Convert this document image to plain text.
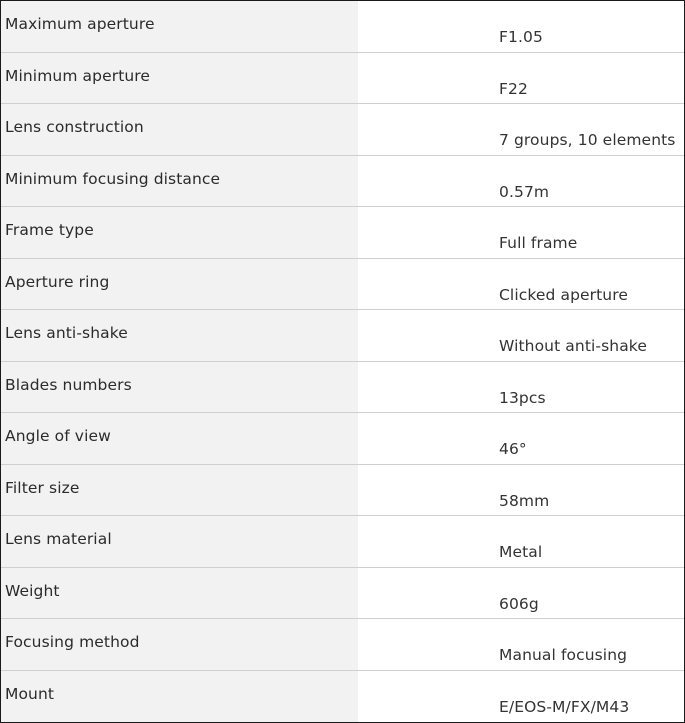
Maximum aperture
F1.05
Minimum aperture
F22
Lens construction
7 groups, 10 elements
Minimum focusing distance
0.57m
Frame type
Full frame
Aperture ring
Clicked aperture
Lens anti-shake
Without anti-shake
Blades numbers
13pcs
Angle of view
46°
Filter size
58mm
Lens material
Metal
Weight
606g
Focusing method
Manual focusing
Mount
E/EOS-M/FX/M43
